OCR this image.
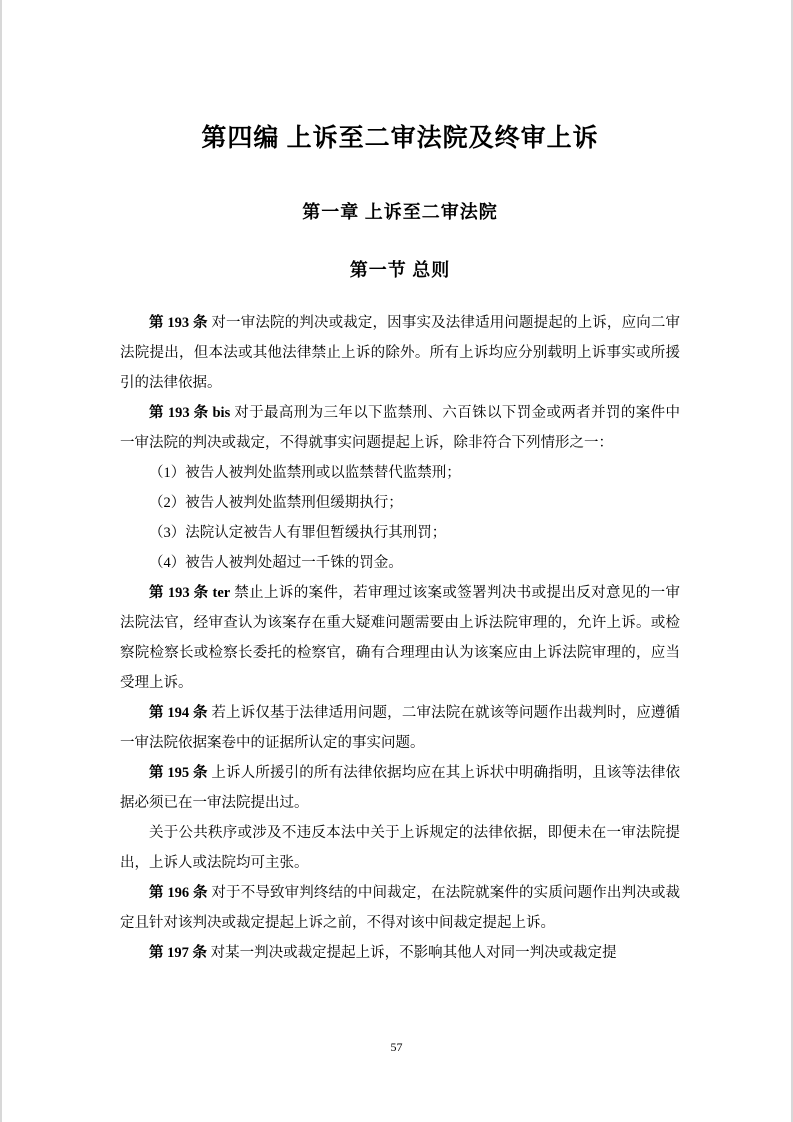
第四编 上诉至二审法院及终审上诉
第一章 上诉至二审法院
第一节 总则

第 193 条 对一审法院的判决或裁定，因事实及法律适用问题提起的上诉，应向二审法院提出，但本法或其他法律禁止上诉的除外。所有上诉均应分别载明上诉事实或所援引的法律依据。

第 193 条 bis 对于最高刑为三年以下监禁刑、六百铢以下罚金或两者并罚的案件中一审法院的判决或裁定，不得就事实问题提起上诉，除非符合下列情形之一：

（1）被告人被判处监禁刑或以监禁替代监禁刑；

（2）被告人被判处监禁刑但缓期执行；

（3）法院认定被告人有罪但暂缓执行其刑罚；

（4）被告人被判处超过一千铢的罚金。

第 193 条 ter 禁止上诉的案件，若审理过该案或签署判决书或提出反对意见的一审法院法官，经审查认为该案存在重大疑难问题需要由上诉法院审理的，允许上诉。或检察院检察长或检察长委托的检察官，确有合理理由认为该案应由上诉法院审理的，应当受理上诉。

第 194 条 若上诉仅基于法律适用问题，二审法院在就该等问题作出裁判时，应遵循一审法院依据案卷中的证据所认定的事实问题。

第 195 条 上诉人所援引的所有法律依据均应在其上诉状中明确指明，且该等法律依据必须已在一审法院提出过。

关于公共秩序或涉及不违反本法中关于上诉规定的法律依据，即便未在一审法院提出，上诉人或法院均可主张。

第 196 条 对于不导致审判终结的中间裁定，在法院就案件的实质问题作出判决或裁定且针对该判决或裁定提起上诉之前，不得对该中间裁定提起上诉。

第 197 条 对某一判决或裁定提起上诉，不影响其他人对同一判决或裁定提

57
